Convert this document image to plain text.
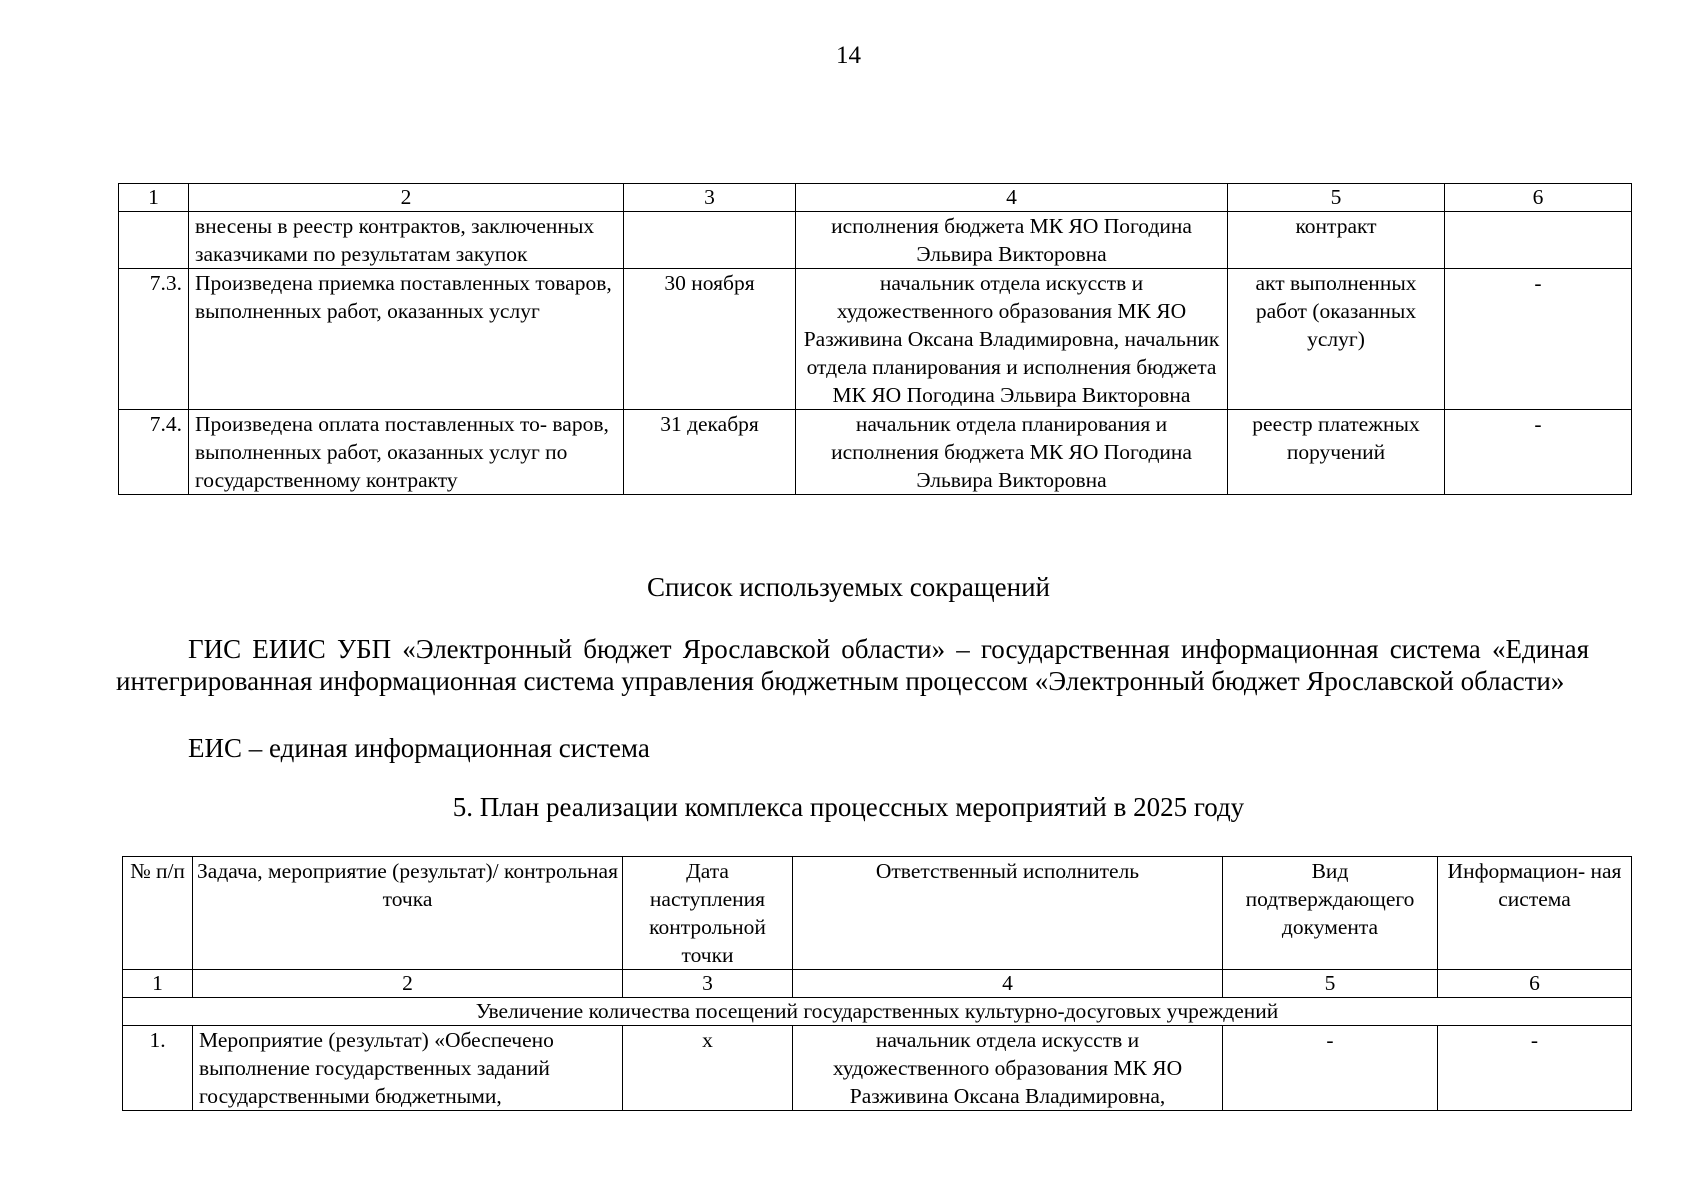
14
1	2	3	4	5	6
	внесены в реестр контрактов, заключенных заказчиками по результатам закупок		исполнения бюджета МК ЯО Погодина Эльвира Викторовна	контракт	
7.3.	Произведена приемка поставленных товаров, выполненных работ, оказанных услуг	30 ноября	начальник отдела искусств и художественного образования МК ЯО Разживина Оксана Владимировна, начальник отдела планирования и исполнения бюджета МК ЯО Погодина Эльвира Викторовна	акт выполненных работ (оказанных услуг)	-
7.4.	Произведена оплата поставленных то- варов, выполненных работ, оказанных услуг по государственному контракту	31 декабря	начальник отдела планирования и исполнения бюджета МК ЯО Погодина Эльвира Викторовна	реестр платежных поручений	-
Список используемых сокращений
ГИС ЕИИС УБП «Электронный бюджет Ярославской области» – государственная информационная система «Единая интегрированная информационная система управления бюджетным процессом «Электронный бюджет Ярославской области»
ЕИС – единая информационная система
5. План реализации комплекса процессных мероприятий в 2025 году
№ п/п	Задача, мероприятие (результат)/ контрольная точка	Дата наступления контрольной точки	Ответственный исполнитель	Вид подтверждающего документа	Информацион- ная система
1	2	3	4	5	6
Увеличение количества посещений государственных культурно-досуговых учреждений					
1.	Мероприятие (результат) «Обеспечено выполнение государственных заданий государственными бюджетными,	х	начальник отдела искусств и художественного образования МК ЯО Разживина Оксана Владимировна,	-	-
